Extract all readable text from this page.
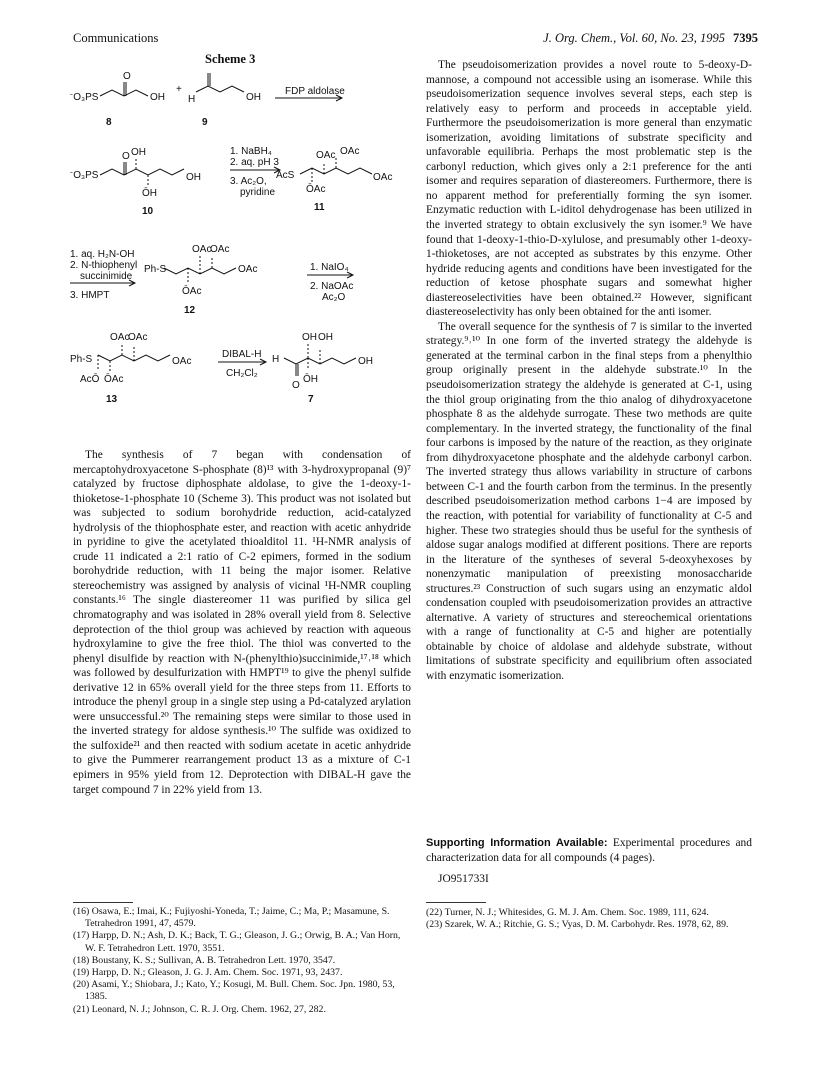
Communications	J. Org. Chem., Vol. 60, No. 23, 1995 7395
Scheme 3
⁻O₃PS
O
OH
+
H	OH
⁻O₃PS
O OH
ŌH
OH	AcS
OAc OAc
ŌAc
OAc
Ph-S
OAc
OAc
ŌAc
OAc
OAc
OAc
Ph-S
AcŌ ŌAc
OAc	H
OH OH
O
ŌH
OH
FDP aldolase
8	9
10	11
12
13	7
1. NaBH₄
2. aq. pH 3
3. Ac₂O,
pyridine
1. aq. H₂N-OH
2. N-thiophenyl
succinimide
3. HMPT
1. NaIO₄
2. NaOAc
Ac₂O
DIBAL-H
CH₂Cl₂

The synthesis of 7 began with condensation of mercaptohydroxyacetone S-phosphate (8)¹³ with 3-hydroxypropanal (9)⁷ catalyzed by fructose diphosphate aldolase, to give the 1-deoxy-1-thioketose-1-phosphate 10 (Scheme 3). This product was not isolated but was subjected to sodium borohydride reduction, acid-catalyzed hydrolysis of the thiophosphate ester, and reaction with acetic anhydride in pyridine to give the acetylated thioalditol 11. ¹H-NMR analysis of crude 11 indicated a 2:1 ratio of C-2 epimers, formed in the sodium borohydride reduction, with 11 being the major isomer. Relative stereochemistry was assigned by analysis of vicinal ¹H-NMR coupling constants.¹⁶ The single diastereomer 11 was purified by silica gel chromatography and was isolated in 28% overall yield from 8. Selective deprotection of the thiol group was achieved by reaction with aqueous hydroxylamine to give the free thiol. The thiol was converted to the phenyl disulfide by reaction with N-(phenylthio)succinimide,¹⁷˒¹⁸ which was followed by desulfurization with HMPT¹⁹ to give the phenyl sulfide derivative 12 in 65% overall yield for the three steps from 11. Efforts to introduce the phenyl group in a single step using a Pd-catalyzed arylation were unsuccessful.²⁰ The remaining steps were similar to those used in the inverted strategy for aldose synthesis.¹⁰ The sulfide was oxidized to the sulfoxide²¹ and then reacted with sodium acetate in acetic anhydride to give the Pummerer rearrangement product 13 as a mixture of C-1 epimers in 95% yield from 12. Deprotection with DIBAL-H gave the target compound 7 in 22% yield from 13.

The pseudoisomerization provides a novel route to 5-deoxy-D-mannose, a compound not accessible using an isomerase. While this pseudoisomerization sequence involves several steps, each step is relatively easy to perform and proceeds in acceptable yield. Furthermore the pseudoisomerization is more general than enzymatic isomerization, avoiding limitations of substrate specificity and unfavorable equilibria. Perhaps the most problematic step is the carbonyl reduction, which gives only a 2:1 preference for the anti isomer and requires separation of diastereomers. Furthermore, there is no apparent method for preferentially forming the syn isomer. Enzymatic reduction with L-iditol dehydrogenase has been utilized in the inverted strategy to obtain exclusively the syn isomer.⁹ We have found that 1-deoxy-1-thio-D-xylulose, and presumably other 1-deoxy-1-thioketoses, are not accepted as substrates by this enzyme. Other hydride reducing agents and conditions have been investigated for the reduction of ketose phosphate sugars and somewhat higher diastereoselectivities have been obtained.²² However, significant diastereoselectivity has only been obtained for the anti isomer.

The overall sequence for the synthesis of 7 is similar to the inverted strategy.⁹˒¹⁰ In one form of the inverted strategy the aldehyde is generated at the terminal carbon in the final steps from a phenylthio group originally present in the aldehyde substrate.¹⁰ In the pseudoisomerization strategy the aldehyde is generated at C-1, using the thiol group originating from the thio analog of dihydroxyacetone phosphate 8 as the aldehyde surrogate. These two methods are quite complementary. In the inverted strategy, the functionality of the final four carbons is imposed by the nature of the reaction, as they originate from dihydroxyacetone phosphate and the aldehyde carbonyl carbon. The inverted strategy thus allows variability in structure of carbons between C-1 and the fourth carbon from the terminus. In the presently described pseudoisomerization method carbons 1−4 are imposed by the reaction, with potential for variability of functionality at C-5 and higher. These two strategies should thus be useful for the synthesis of aldose sugar analogs modified at different positions. There are reports in the literature of the syntheses of several 5-deoxyhexoses by nonenzymatic manipulation of preexisting monosaccharide structures.²³ Construction of such sugars using an enzymatic aldol condensation coupled with pseudoisomerization provides an attractive alternative. A variety of structures and stereochemical orientations with a range of functionality at C-5 and higher are potentially obtainable by choice of aldolase and aldehyde substrate, without limitations of substrate specificity and equilibrium often associated with enzymatic isomerization.

Supporting Information Available: Experimental procedures and characterization data for all compounds (4 pages).
JO951733I

(16) Osawa, E.; Imai, K.; Fujiyoshi-Yoneda, T.; Jaime, C.; Ma, P.; Masamune, S. Tetrahedron 1991, 47, 4579.

(17) Harpp, D. N.; Ash, D. K.; Back, T. G.; Gleason, J. G.; Orwig, B. A.; Van Horn, W. F. Tetrahedron Lett. 1970, 3551.

(18) Boustany, K. S.; Sullivan, A. B. Tetrahedron Lett. 1970, 3547.

(19) Harpp, D. N.; Gleason, J. G. J. Am. Chem. Soc. 1971, 93, 2437.

(20) Asami, Y.; Shiobara, J.; Kato, Y.; Kosugi, M. Bull. Chem. Soc. Jpn. 1980, 53, 1385.

(21) Leonard, N. J.; Johnson, C. R. J. Org. Chem. 1962, 27, 282.

(22) Turner, N. J.; Whitesides, G. M. J. Am. Chem. Soc. 1989, 111, 624.

(23) Szarek, W. A.; Ritchie, G. S.; Vyas, D. M. Carbohydr. Res. 1978, 62, 89.
